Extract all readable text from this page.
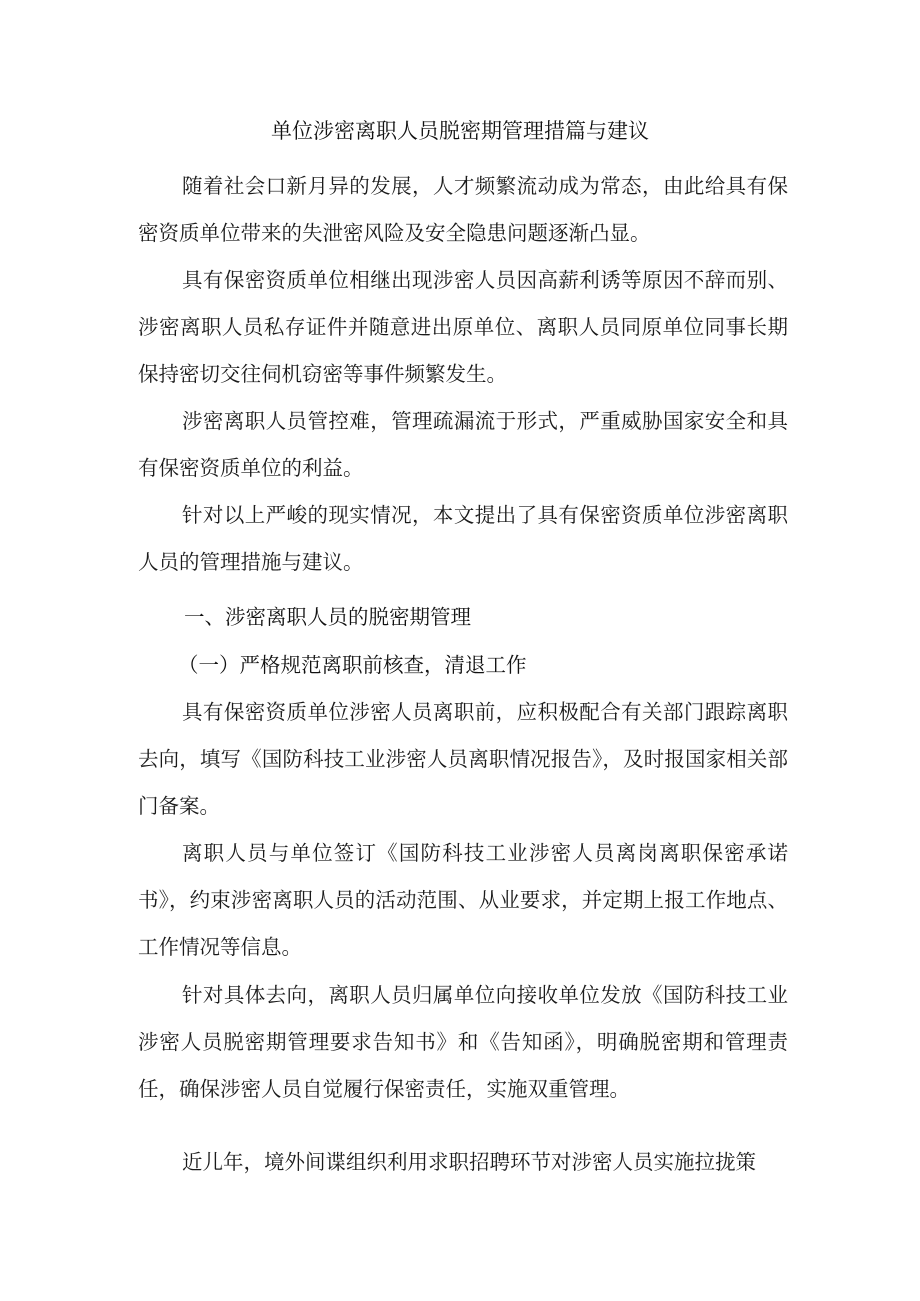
单位涉密离职人员脱密期管理措篇与建议

随着社会口新月异的发展，人才频繁流动成为常态，由此给具有保密资质单位带来的失泄密风险及安全隐患问题逐渐凸显。

具有保密资质单位相继出现涉密人员因高薪利诱等原因不辞而别、涉密离职人员私存证件并随意进出原单位、离职人员同原单位同事长期保持密切交往伺机窃密等事件频繁发生。

涉密离职人员管控难，管理疏漏流于形式，严重威胁国家安全和具有保密资质单位的利益。

针对以上严峻的现实情况，本文提出了具有保密资质单位涉密离职人员的管理措施与建议。

一、涉密离职人员的脱密期管理
（一）严格规范离职前核查，清退工作

具有保密资质单位涉密人员离职前，应积极配合有关部门跟踪离职去向，填写《国防科技工业涉密人员离职情况报告》，及时报国家相关部门备案。

离职人员与单位签订《国防科技工业涉密人员离岗离职保密承诺书》，约束涉密离职人员的活动范围、从业要求，并定期上报工作地点、工作情况等信息。

针对具体去向，离职人员归属单位向接收单位发放《国防科技工业涉密人员脱密期管理要求告知书》和《告知函》，明确脱密期和管理责任，确保涉密人员自觉履行保密责任，实施双重管理。

近儿年，境外间谍组织利用求职招聘环节对涉密人员实施拉拢策
